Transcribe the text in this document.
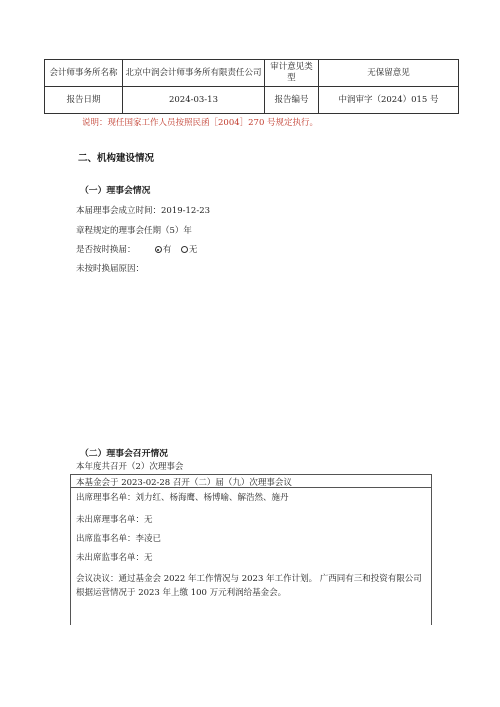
会计师事务所名称	北京中润会计师事务所有限责任公司	审计意见类型	无保留意见
报告日期	2024-03-13	报告编号	中润审字（2024）015 号
说明：现任国家工作人员按照民函［2004］270 号规定执行。
二、机构建设情况
（一）理事会情况
本届理事会成立时间：2019-12-23
章程规定的理事会任期（5）年
是否按时换届：	有 无
未按时换届原因：
（二）理事会召开情况
本年度共召开（2）次理事会
本基金会于 2023-02-28 召开（二）届（九）次理事会议
出席理事名单：刘力红、杨海鹰、杨博喻、解浩然、施丹
未出席理事名单：无
出席监事名单：李凌已
未出席监事名单：无
会议决议：通过基金会 2022 年工作情况与 2023 年工作计划。 广西同有三和投资有限公司根据运营情况于 2023 年上缴 100 万元利润给基金会。
